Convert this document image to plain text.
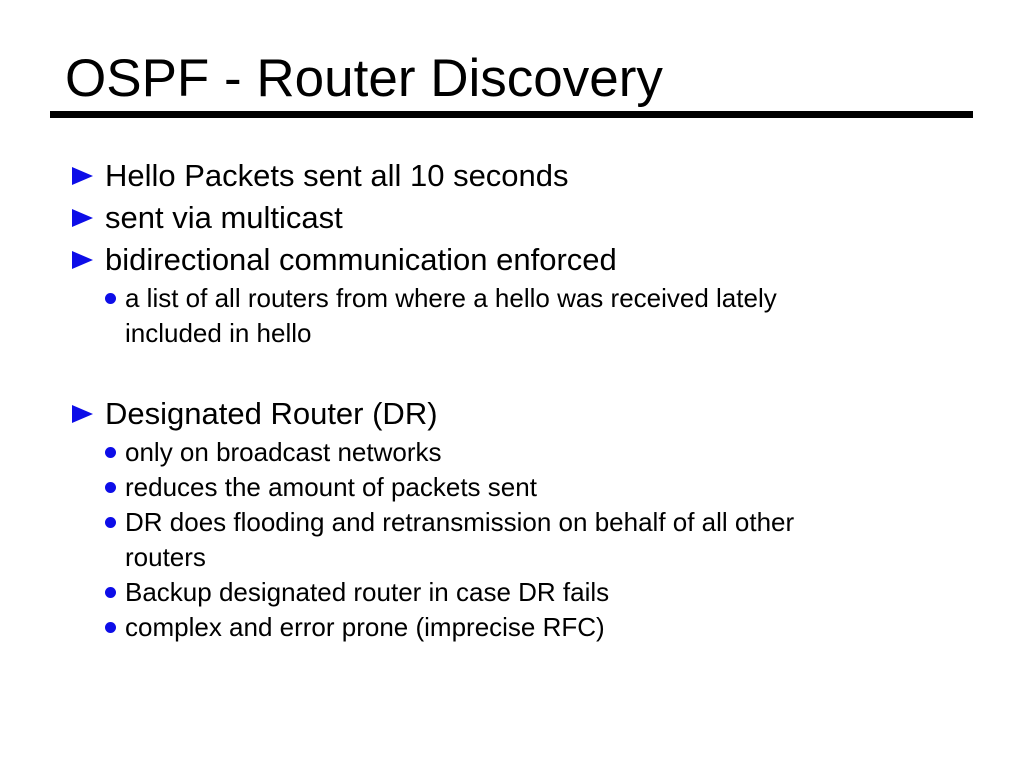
OSPF - Router Discovery
Hello Packets sent all 10 seconds
sent via multicast
bidirectional communication enforced
a list of all routers from where a hello was received lately
included in hello
Designated Router (DR)
only on broadcast networks
reduces the amount of packets sent
DR does flooding and retransmission on behalf of all other
routers
Backup designated router in case DR fails
complex and error prone (imprecise RFC)
